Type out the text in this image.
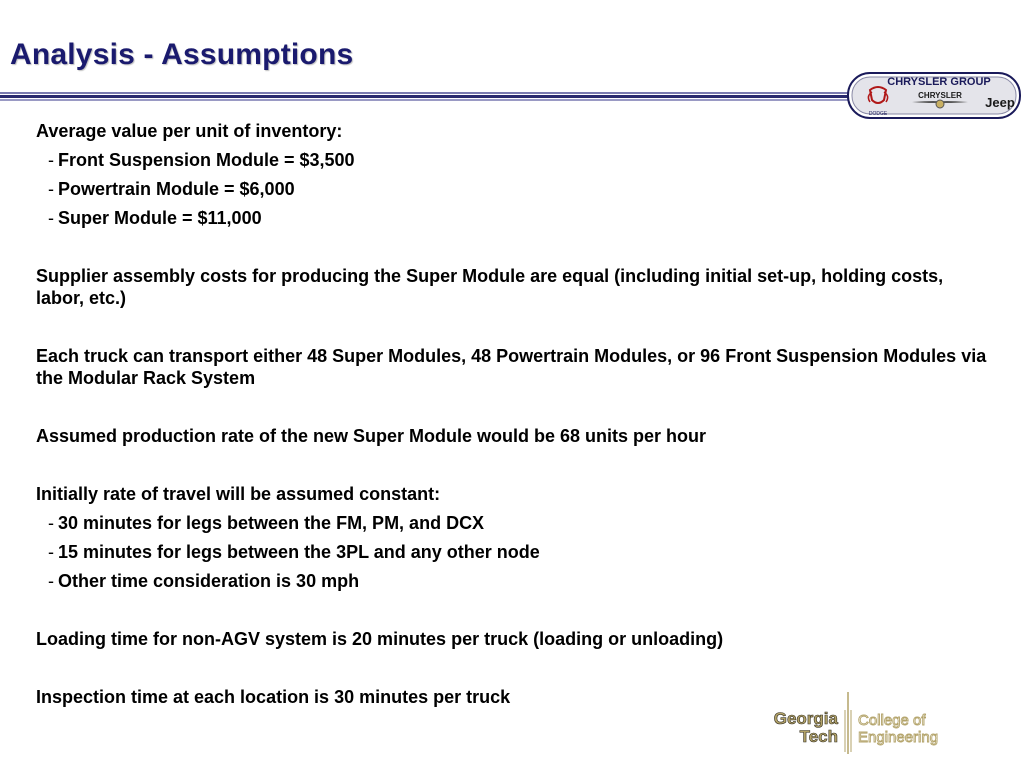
Analysis - Assumptions
CHRYSLER GROUP
DODGE
CHRYSLER Jeep

Average value per unit of inventory:

- Front Suspension Module = $3,500
- Powertrain Module = $6,000
- Super Module = $11,000

Supplier assembly costs for producing the Super Module are equal (including initial set-up, holding costs, labor, etc.)

Each truck can transport either 48 Super Modules, 48 Powertrain Modules, or 96 Front Suspension Modules via the Modular Rack System

Assumed production rate of the new Super Module would be 68 units per hour

Initially rate of travel will be assumed constant:

- 30 minutes for legs between the FM, PM, and DCX
- 15 minutes for legs between the 3PL and any other node
- Other time consideration is 30 mph

Loading time for non-AGV system is 20 minutes per truck (loading or unloading)

Inspection time at each location is 30 minutes per truck

Georgia
Tech
College of
Engineering
